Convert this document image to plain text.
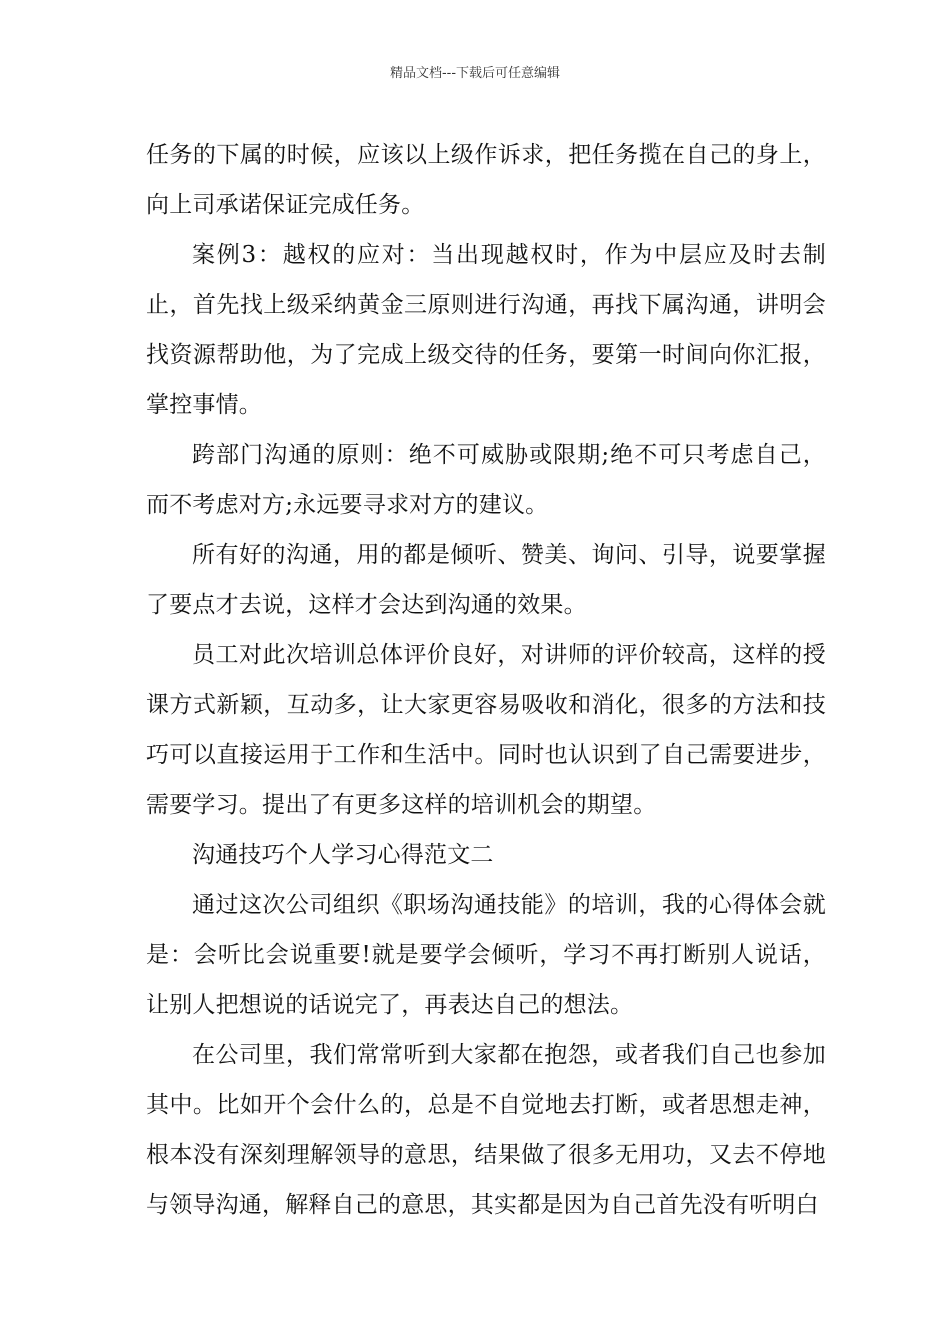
精品文档---下载后可任意编辑

任务的下属的时候，应该以上级作诉求，把任务揽在自己的身上，向上司承诺保证完成任务。

案例3：越权的应对：当出现越权时，作为中层应及时去制止，首先找上级采纳黄金三原则进行沟通，再找下属沟通，讲明会找资源帮助他，为了完成上级交待的任务，要第一时间向你汇报，掌控事情。

跨部门沟通的原则：绝不可威胁或限期;绝不可只考虑自己，而不考虑对方;永远要寻求对方的建议。

所有好的沟通，用的都是倾听、赞美、询问、引导，说要掌握了要点才去说，这样才会达到沟通的效果。

员工对此次培训总体评价良好，对讲师的评价较高，这样的授课方式新颖，互动多，让大家更容易吸收和消化，很多的方法和技巧可以直接运用于工作和生活中。同时也认识到了自己需要进步，需要学习。提出了有更多这样的培训机会的期望。

沟通技巧个人学习心得范文二

通过这次公司组织《职场沟通技能》的培训，我的心得体会就是：会听比会说重要!就是要学会倾听，学习不再打断别人说话，让别人把想说的话说完了，再表达自己的想法。

在公司里，我们常常听到大家都在抱怨，或者我们自己也参加其中。比如开个会什么的，总是不自觉地去打断，或者思想走神，根本没有深刻理解领导的意思，结果做了很多无用功，又去不停地与领导沟通，解释自己的意思，其实都是因为自己首先没有听明白
